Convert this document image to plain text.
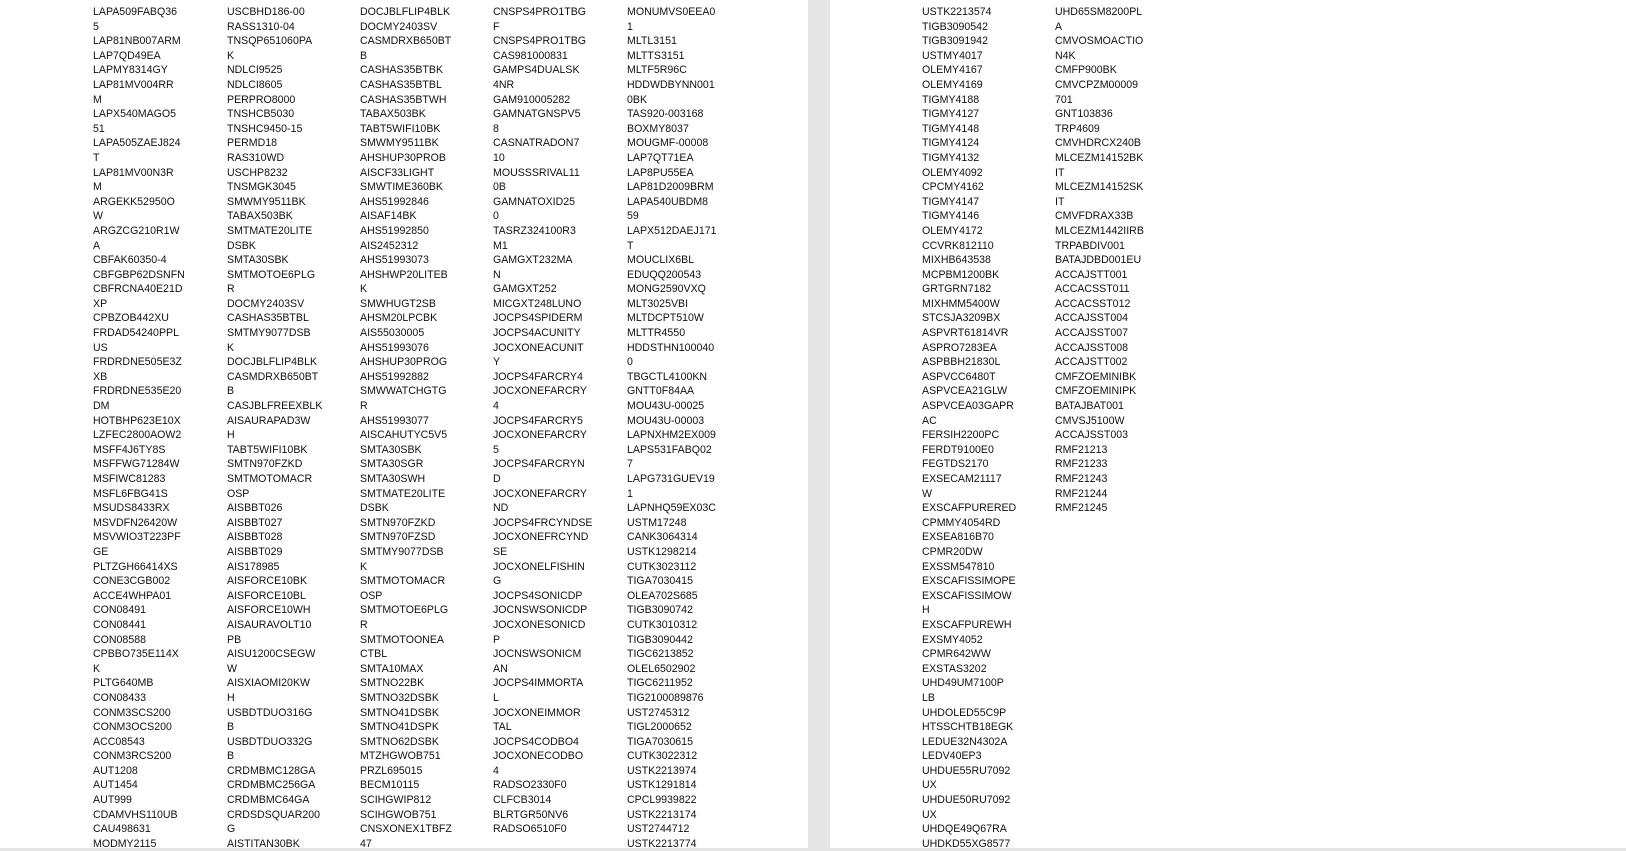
LAPA509FABQ36
5
LAP81NB007ARM
LAP7QD49EA
LAPMY8314GY
LAP81MV004RR
M
LAPX540MAGO5
51
LAPA505ZAEJ824
T
LAP81MV00N3R
M
ARGEKK52950O
W
ARGZCG210R1W
A
CBFAK60350-4
CBFGBP62DSNFN
CBFRCNA40E21D
XP
CPBZOB442XU
FRDAD54240PPL
US
FRDRDNE505E3Z
XB
FRDRDNE535E20
DM
HOTBHP623E10X
LZFEC2800AOW2
MSFF4J6TY8S
MSFFWG71284W
MSFIWC81283
MSFL6FBG41S
MSUDS8433RX
MSVDFN26420W
MSVWIO3T223PF
GE
PLTZGH66414XS
CONE3CGB002
ACCE4WHPA01
CON08491
CON08441
CON08588
CPBBO735E114X
K
PLTG640MB
CON08433
CONM3SCS200
CONM3OCS200
ACC08543
CONM3RCS200
AUT1208
AUT1454
AUT999
CDAMVHS110UB
CAU498631
MODMY2115
USCBHD186-00
RASS1310-04
TNSQP651060PA
K
NDLCI9525
NDLCI8605
PERPRO8000
TNSHCB5030
TNSHC9450-15
PERMD18
RAS310WD
USCHP8232
TNSMGK3045
SMWMY9511BK
TABAX503BK
SMTMATE20LITE
DSBK
SMTA30SBK
SMTMOTOE6PLG
R
DOCMY2403SV
CASHAS35BTBL
SMTMY9077DSB
K
DOCJBLFLIP4BLK
CASMDRXB650BT
B
CASJBLFREEXBLK
AISAURAPAD3W
H
TABT5WIFI10BK
SMTN970FZKD
SMTMOTOMACR
OSP
AISBBT026
AISBBT027
AISBBT028
AISBBT029
AIS178985
AISFORCE10BK
AISFORCE10BL
AISFORCE10WH
AISAURAVOLT10
PB
AISU1200CSEGW
W
AISXIAOMI20KW
H
USBDTDUO316G
B
USBDTDUO332G
B
CRDMBMC128GA
CRDMBMC256GA
CRDMBMC64GA
CRDSDSQUAR200
G
AISTITAN30BK
DOCJBLFLIP4BLK
DOCMY2403SV
CASMDRXB650BT
B
CASHAS35BTBK
CASHAS35BTBL
CASHAS35BTWH
TABAX503BK
TABT5WIFI10BK
SMWMY9511BK
AHSHUP30PROB
AISCF33LIGHT
SMWTIME360BK
AHS51992846
AISAF14BK
AHS51992850
AIS2452312
AHS51993073
AHSHWP20LITEB
K
SMWHUGT2SB
AHSM20LPCBK
AIS55030005
AHS51993076
AHSHUP30PROG
AHS51992882
SMWWATCHGTG
R
AHS51993077
AISCAHUTYC5V5
SMTA30SBK
SMTA30SGR
SMTA30SWH
SMTMATE20LITE
DSBK
SMTN970FZKD
SMTN970FZSD
SMTMY9077DSB
K
SMTMOTOMACR
OSP
SMTMOTOE6PLG
R
SMTMOTOONEA
CTBL
SMTA10MAX
SMTNO22BK
SMTNO32DSBK
SMTNO41DSBK
SMTNO41DSPK
SMTNO62DSBK
MTZHGWOB751
PRZL695015
BECM10115
SCIHGWIP812
SCIHGWOB751
CNSXONEX1TBFZ
47
CNSPS4PRO1TBG
F
CNSPS4PRO1TBG
CAS981000831
GAMPS4DUALSK
4NR
GAM910005282
GAMNATGNSPV5
8
CASNATRADON7
10
MOUSSSRIVAL11
0B
GAMNATOXID25
0
TASRZ324100R3
M1
GAMGXT232MA
N
GAMGXT252
MICGXT248LUNO
JOCPS4SPIDERM
JOCPS4ACUNITY
JOCXONEACUNIT
Y
JOCPS4FARCRY4
JOCXONEFARCRY
4
JOCPS4FARCRY5
JOCXONEFARCRY
5
JOCPS4FARCRYN
D
JOCXONEFARCRY
ND
JOCPS4FRCYNDSE
JOCXONEFRCYND
SE
JOCXONELFISHIN
G
JOCPS4SONICDP
JOCNSWSONICDP
JOCXONESONICD
P
JOCNSWSONICM
AN
JOCPS4IMMORTA
L
JOCXONEIMMOR
TAL
JOCPS4CODBO4
JOCXONECODBO
4
RADSO2330F0
CLFCB3014
BLRTGR50NV6
RADSO6510F0
MONUMVS0EEA0
1
MLTL3151
MLTTS3151
MLTF5R96C
HDDWDBYNN001
0BK
TAS920-003168
BOXMY8037
MOUGMF-00008
LAP7QT71EA
LAP8PU55EA
LAP81D2009BRM
LAPA540UBDM8
59
LAPX512DAEJ171
T
MOUCLIX6BL
EDUQQ200543
MONG2590VXQ
MLT3025VBI
MLTDCPT510W
MLTTR4550
HDDSTHN100040
0
TBGCTL4100KN
GNTT0F84AA
MOU43U-00025
MOU43U-00003
LAPNXHM2EX009
LAPS531FABQ02
7
LAPG731GUEV19
1
LAPNHQ59EX03C
USTM17248
CANK3064314
USTK1298214
CUTK3023112
TIGA7030415
OLEA702S685
TIGB3090742
CUTK3010312
TIGB3090442
TIGC6213852
OLEL6502902
TIGC6211952
TIG2100089876
UST2745312
TIGL2000652
TIGA7030615
CUTK3022312
USTK2213974
USTK1291814
CPCL9939822
USTK2213174
UST2744712
USTK2213774
USTK2213574
TIGB3090542
TIGB3091942
USTMY4017
OLEMY4167
OLEMY4169
TIGMY4188
TIGMY4127
TIGMY4148
TIGMY4124
TIGMY4132
OLEMY4092
CPCMY4162
TIGMY4147
TIGMY4146
OLEMY4172
CCVRK812110
MIXHB643538
MCPBM1200BK
GRTGRN7182
MIXHMM5400W
STCSJA3209BX
ASPVRT61814VR
ASPRO7283EA
ASPBBH21830L
ASPVCC6480T
ASPVCEA21GLW
ASPVCEA03GAPR
AC
FERSIH2200PC
FERDT9100E0
FEGTDS2170
EXSECAM21117
W
EXSCAFPURERED
CPMMY4054RD
EXSEA816B70
CPMR20DW
EXSSM547810
EXSCAFISSIMOPE
EXSCAFISSIMOW
H
EXSCAFPUREWH
EXSMY4052
CPMR642WW
EXSTAS3202
UHD49UM7100P
LB
UHDOLED55C9P
HTSSCHTB18EGK
LEDUE32N4302A
LEDV40EP3
UHDUE55RU7092
UX
UHDUE50RU7092
UX
UHDQE49Q67RA
UHDKD55XG8577
UHD65SM8200PL
A
CMVOSMOACTIO
N4K
CMFP900BK
CMVCPZM00009
701
GNT103836
TRP4609
CMVHDRCX240B
MLCEZM14152BK
IT
MLCEZM14152SK
IT
CMVFDRAX33B
MLCEZM1442IIRB
TRPABDIV001
BATAJDBD001EU
ACCAJSTT001
ACCACSST011
ACCACSST012
ACCAJSST004
ACCAJSST007
ACCAJSST008
ACCAJSTT002
CMFZOEMINIBK
CMFZOEMINIPK
BATAJBAT001
CMVSJ5100W
ACCAJSST003
RMF21213
RMF21233
RMF21243
RMF21244
RMF21245
